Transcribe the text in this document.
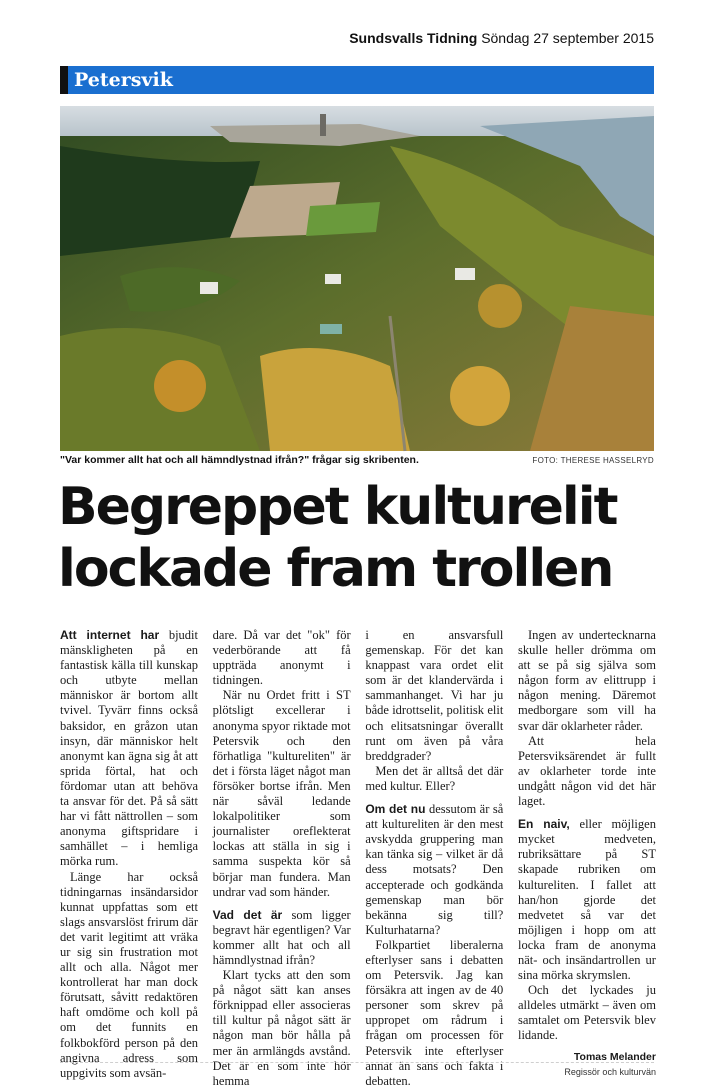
Sundsvalls Tidning Söndag 27 september 2015
Petersvik
"Var kommer allt hat och all hämndlystnad ifrån?" frågar sig skribenten.	FOTO: THERESE HASSELRYD
Begreppet kulturelit
lockade fram trollen

Att internet har bjudit mänskligheten på en fantastisk källa till kunskap och utbyte mellan människor är bortom allt tvivel. Tyvärr finns också baksidor, en gråzon utan insyn, där människor helt anonymt kan ägna sig åt att sprida förtal, hat och fördomar utan att behöva ta ansvar för det. På så sätt har vi fått nättrollen – som anonyma giftspridare i samhället – i hemliga mörka rum.

Länge har också tidningarnas insändarsidor kunnat uppfattas som ett slags ansvarslöst frirum där det varit legitimt att vräka ur sig sin frustration mot allt och alla. Något mer kontrollerat har man dock förutsatt, såvitt redaktören haft omdöme och koll på om det funnits en folkbokförd person på den angivna adress som uppgivits som avsän-

dare. Då var det "ok" för vederbörande att få uppträda anonymt i tidningen.

När nu Ordet fritt i ST plötsligt excellerar i anonyma spyor riktade mot Petersvik och den förhatliga "kultureliten" är det i första läget något man försöker bortse ifrån. Men när såväl ledande lokalpolitiker som journalister oreflekterat lockas att ställa in sig i samma suspekta kör så börjar man fundera. Man undrar vad som händer.

Vad det är som ligger begravt här egentligen? Var kommer allt hat och all hämndlystnad ifrån?

Klart tycks att den som på något sätt kan anses förknippad eller associeras till kultur på något sätt är någon man bör hålla på mer än armlängds avstånd. Det är en som inte hör hemma

i en ansvarsfull gemenskap. För det kan knappast vara ordet elit som är det klandervärda i sammanhanget. Vi har ju både idrottselit, politisk elit och elitsatsningar överallt runt om även på våra breddgrader?

Men det är alltså det där med kultur. Eller?

Om det nu dessutom är så att kultureliten är den mest avskydda gruppering man kan tänka sig – vilket är då dess motsats? Den accepterade och godkända gemenskap man bör bekänna sig till? Kulturhatarna?

Folkpartiet liberalerna efterlyser sans i debatten om Petersvik. Jag kan försäkra att ingen av de 40 personer som skrev på uppropet om rådrum i frågan om processen för Petersvik inte efterlyser annat än sans och fakta i debatten.

Ingen av undertecknarna skulle heller drömma om att se på sig själva som någon form av elittrupp i någon mening. Däremot medborgare som vill ha svar där oklarheter råder.

Att hela Petersviksärendet är fullt av oklarheter torde inte undgått någon vid det här laget.

En naiv, eller möjligen mycket medveten, rubriksättare på ST skapade rubriken om kultureliten. I fallet att han/hon gjorde det medvetet så var det möjligen i hopp om att locka fram de anonyma nät- och insändartrollen ur sina mörka skrymslen.

Och det lyckades ju alldeles utmärkt – även om samtalet om Petersvik blev lidande.

Tomas Melander
Regissör och kulturvän
